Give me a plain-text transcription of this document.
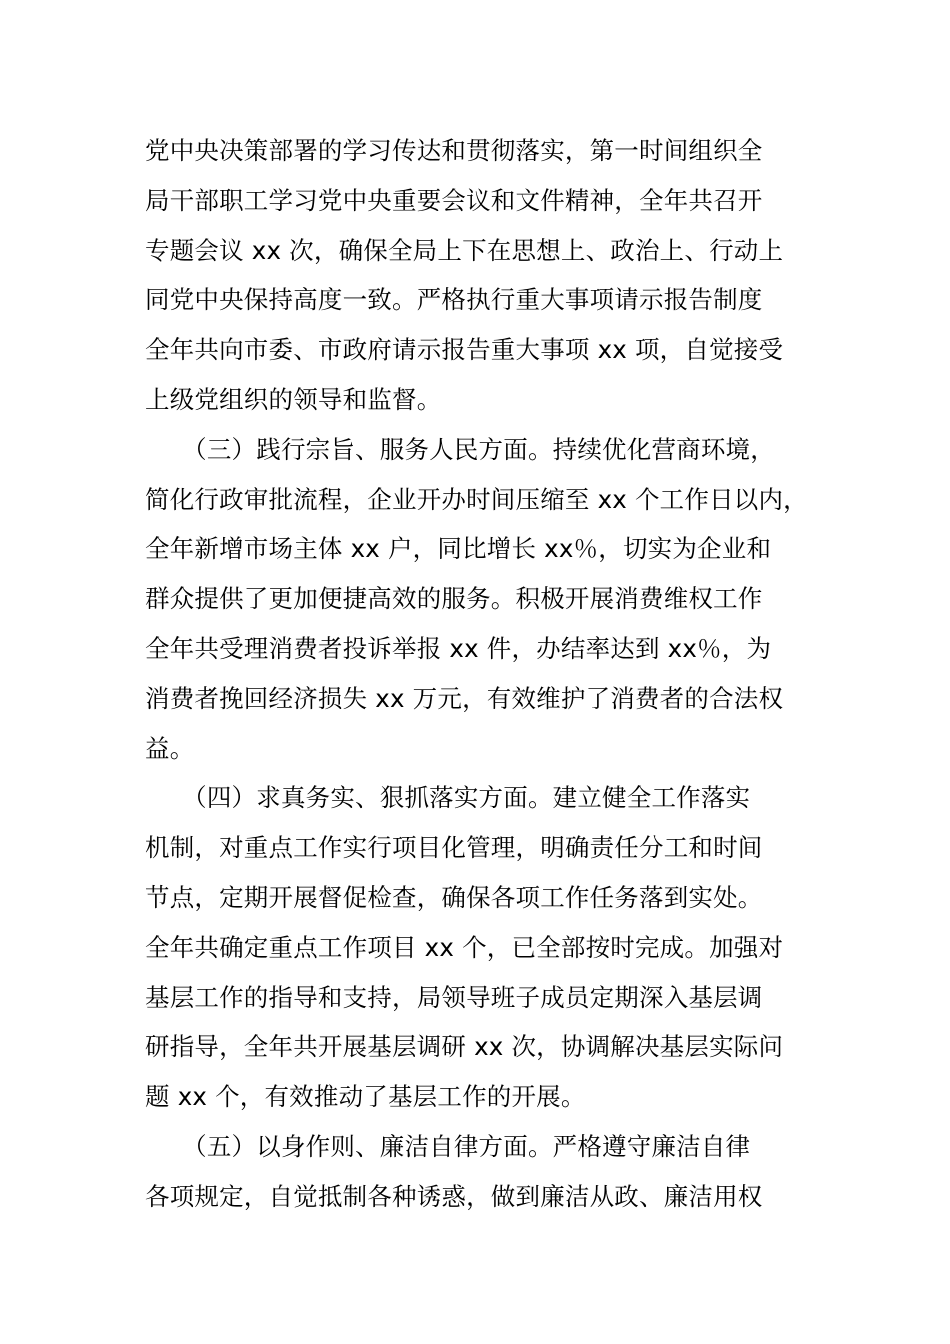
党中央决策部署的学习传达和贯彻落实，第一时间组织全
局干部职工学习党中央重要会议和文件精神，全年共召开
专题会议 xx 次，确保全局上下在思想上、政治上、行动上
同党中央保持高度一致。严格执行重大事项请示报告制度
全年共向市委、市政府请示报告重大事项 xx 项，自觉接受
上级党组织的领导和监督。
　　（三）践行宗旨、服务人民方面。持续优化营商环境，
简化行政审批流程，企业开办时间压缩至 xx 个工作日以内，
全年新增市场主体 xx 户，同比增长 xx％，切实为企业和
群众提供了更加便捷高效的服务。积极开展消费维权工作
全年共受理消费者投诉举报 xx 件，办结率达到 xx％，为
消费者挽回经济损失 xx 万元，有效维护了消费者的合法权
益。
　　（四）求真务实、狠抓落实方面。建立健全工作落实
机制，对重点工作实行项目化管理，明确责任分工和时间
节点，定期开展督促检查，确保各项工作任务落到实处。
全年共确定重点工作项目 xx 个，已全部按时完成。加强对
基层工作的指导和支持，局领导班子成员定期深入基层调
研指导，全年共开展基层调研 xx 次，协调解决基层实际问
题 xx 个，有效推动了基层工作的开展。
　　（五）以身作则、廉洁自律方面。严格遵守廉洁自律
各项规定，自觉抵制各种诱惑，做到廉洁从政、廉洁用权
